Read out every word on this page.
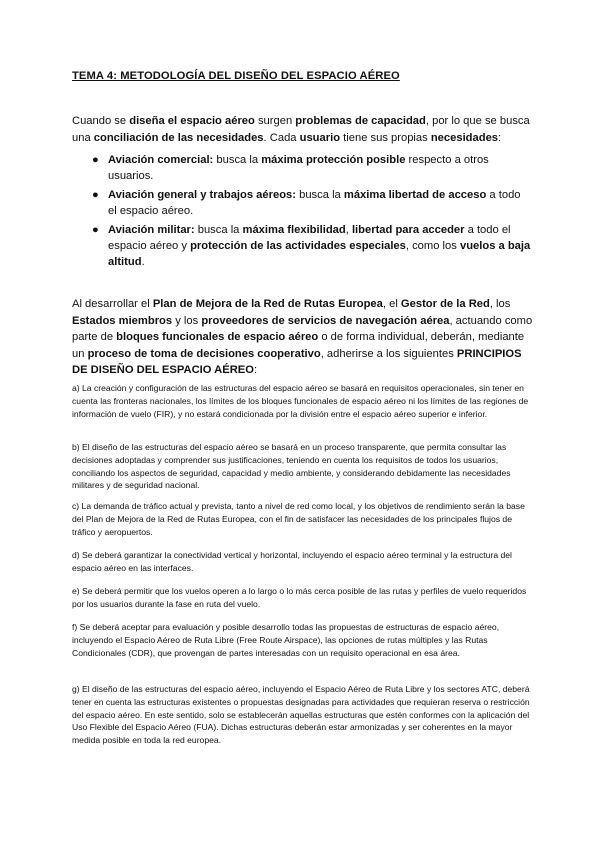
TEMA 4: METODOLOGÍA DEL DISEÑO DEL ESPACIO AÉREO

Cuando se diseña el espacio aéreo surgen problemas de capacidad, por lo que se busca una conciliación de las necesidades. Cada usuario tiene sus propias necesidades:

● Aviación comercial: busca la máxima protección posible respecto a otros usuarios.
● Aviación general y trabajos aéreos: busca la máxima libertad de acceso a todo el espacio aéreo.
● Aviación militar: busca la máxima flexibilidad, libertad para acceder a todo el espacio aéreo y protección de las actividades especiales, como los vuelos a baja altitud.

Al desarrollar el Plan de Mejora de la Red de Rutas Europea, el Gestor de la Red, los Estados miembros y los proveedores de servicios de navegación aérea, actuando como parte de bloques funcionales de espacio aéreo o de forma individual, deberán, mediante un proceso de toma de decisiones cooperativo, adherirse a los siguientes PRINCIPIOS DE DISEÑO DEL ESPACIO AÉREO:

a) La creación y configuración de las estructuras del espacio aéreo se basará en requisitos operacionales, sin tener en cuenta las fronteras nacionales, los límites de los bloques funcionales de espacio aéreo ni los límites de las regiones de información de vuelo (FIR), y no estará condicionada por la división entre el espacio aéreo superior e inferior.

b) El diseño de las estructuras del espacio aéreo se basará en un proceso transparente, que permita consultar las decisiones adoptadas y comprender sus justificaciones, teniendo en cuenta los requisitos de todos los usuarios, conciliando los aspectos de seguridad, capacidad y medio ambiente, y considerando debidamente las necesidades militares y de seguridad nacional.

c) La demanda de tráfico actual y prevista, tanto a nivel de red como local, y los objetivos de rendimiento serán la base del Plan de Mejora de la Red de Rutas Europea, con el fin de satisfacer las necesidades de los principales flujos de tráfico y aeropuertos.

d) Se deberá garantizar la conectividad vertical y horizontal, incluyendo el espacio aéreo terminal y la estructura del espacio aéreo en las interfaces.

e) Se deberá permitir que los vuelos operen a lo largo o lo más cerca posible de las rutas y perfiles de vuelo requeridos por los usuarios durante la fase en ruta del vuelo.

f) Se deberá aceptar para evaluación y posible desarrollo todas las propuestas de estructuras de espacio aéreo, incluyendo el Espacio Aéreo de Ruta Libre (Free Route Airspace), las opciones de rutas múltiples y las Rutas Condicionales (CDR), que provengan de partes interesadas con un requisito operacional en esa área.

g) El diseño de las estructuras del espacio aéreo, incluyendo el Espacio Aéreo de Ruta Libre y los sectores ATC, deberá tener en cuenta las estructuras existentes o propuestas designadas para actividades que requieran reserva o restricción del espacio aéreo. En este sentido, solo se establecerán aquellas estructuras que estén conformes con la aplicación del Uso Flexible del Espacio Aéreo (FUA). Dichas estructuras deberán estar armonizadas y ser coherentes en la mayor medida posible en toda la red europea.
